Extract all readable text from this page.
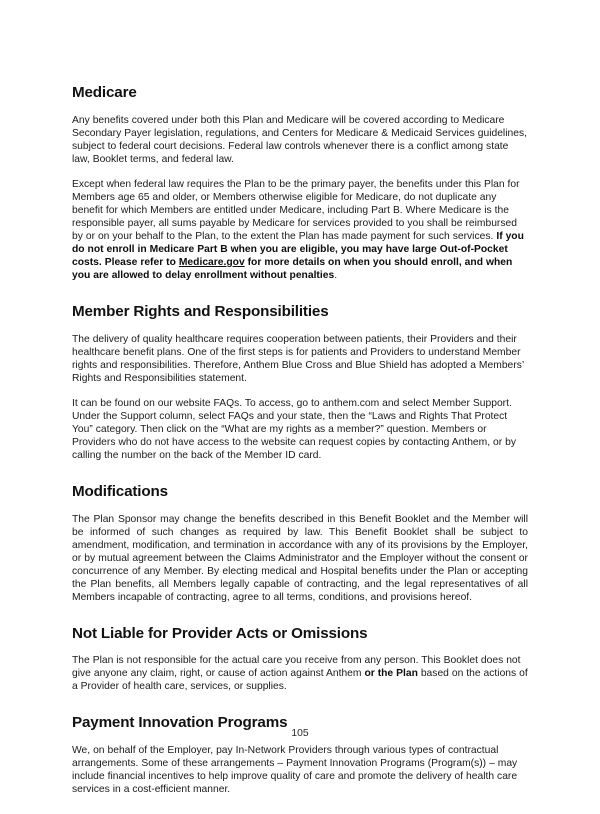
Medicare

Any benefits covered under both this Plan and Medicare will be covered according to Medicare Secondary Payer legislation, regulations, and Centers for Medicare & Medicaid Services guidelines, subject to federal court decisions. Federal law controls whenever there is a conflict among state law, Booklet terms, and federal law.

Except when federal law requires the Plan to be the primary payer, the benefits under this Plan for Members age 65 and older, or Members otherwise eligible for Medicare, do not duplicate any benefit for which Members are entitled under Medicare, including Part B. Where Medicare is the responsible payer, all sums payable by Medicare for services provided to you shall be reimbursed by or on your behalf to the Plan, to the extent the Plan has made payment for such services. If you do not enroll in Medicare Part B when you are eligible, you may have large Out-of-Pocket costs. Please refer to Medicare.gov for more details on when you should enroll, and when you are allowed to delay enrollment without penalties.

Member Rights and Responsibilities

The delivery of quality healthcare requires cooperation between patients, their Providers and their healthcare benefit plans. One of the first steps is for patients and Providers to understand Member rights and responsibilities. Therefore, Anthem Blue Cross and Blue Shield has adopted a Members’ Rights and Responsibilities statement.

It can be found on our website FAQs. To access, go to anthem.com and select Member Support. Under the Support column, select FAQs and your state, then the “Laws and Rights That Protect You” category. Then click on the “What are my rights as a member?” question. Members or Providers who do not have access to the website can request copies by contacting Anthem, or by calling the number on the back of the Member ID card.

Modifications

The Plan Sponsor may change the benefits described in this Benefit Booklet and the Member will be informed of such changes as required by law. This Benefit Booklet shall be subject to amendment, modification, and termination in accordance with any of its provisions by the Employer, or by mutual agreement between the Claims Administrator and the Employer without the consent or concurrence of any Member. By electing medical and Hospital benefits under the Plan or accepting the Plan benefits, all Members legally capable of contracting, and the legal representatives of all Members incapable of contracting, agree to all terms, conditions, and provisions hereof.

Not Liable for Provider Acts or Omissions

The Plan is not responsible for the actual care you receive from any person. This Booklet does not give anyone any claim, right, or cause of action against Anthem or the Plan based on the actions of a Provider of health care, services, or supplies.

Payment Innovation Programs

We, on behalf of the Employer, pay In-Network Providers through various types of contractual arrangements. Some of these arrangements – Payment Innovation Programs (Program(s)) – may include financial incentives to help improve quality of care and promote the delivery of health care services in a cost-efficient manner.

105
